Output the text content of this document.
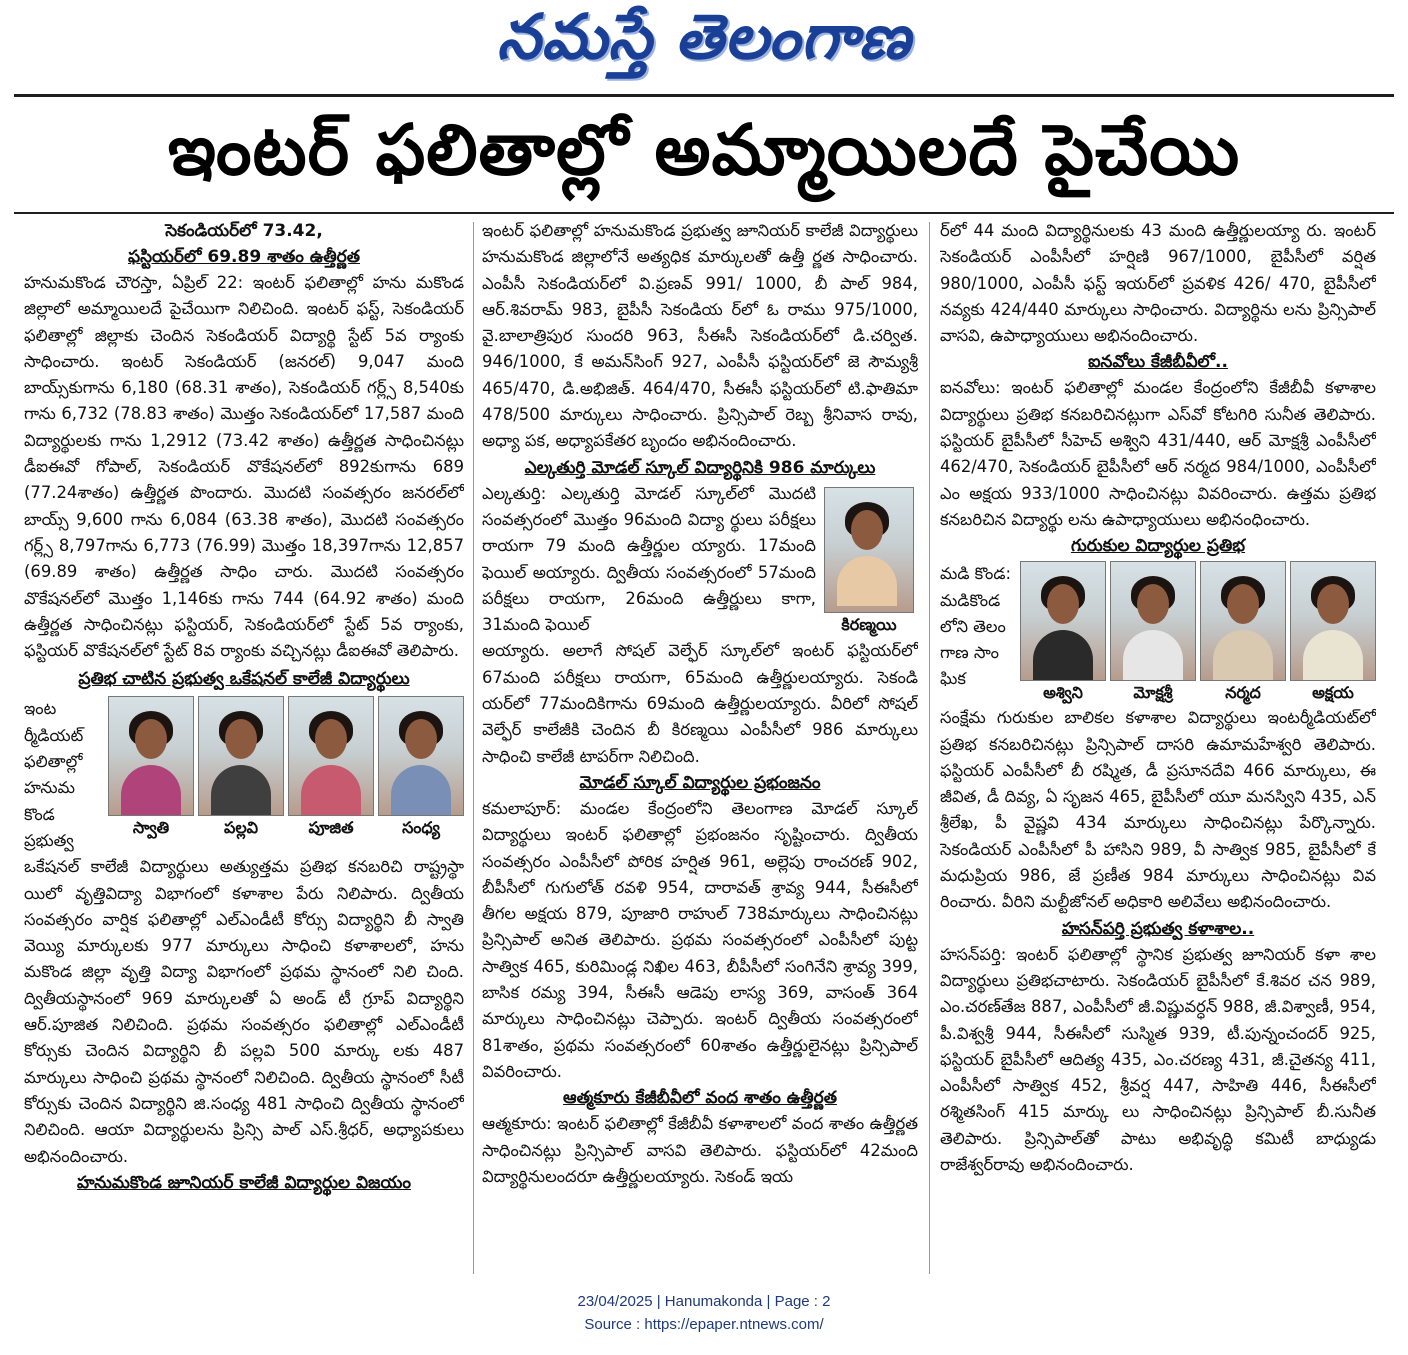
నమస్తే తెలంగాణ
ఇంటర్ ఫలితాల్లో అమ్మాయిలదే పైచేయి

సెకండియర్‌లో 73.42,

ఫస్టియర్‌లో 69.89 శాతం ఉత్తీర్ణత

హనుమకొండ చౌరస్తా, ఏప్రిల్ 22: ఇంటర్ ఫలితాల్లో హను మకొండ జిల్లాలో అమ్మాయిలదే పైచేయిగా నిలిచింది. ఇంటర్ ఫస్ట్, సెకండియర్ ఫలితాల్లో జిల్లాకు చెందిన సెకండియర్ విద్యార్థి స్టేట్ 5వ ర్యాంకు సాధించారు. ఇంటర్ సెకండియర్ (జనరల్) 9,047 మంది బాయ్స్‌కుగాను 6,180 (68.31 శాతం), సెకండియర్ గర్ల్స్ 8,540కు గాను 6,732 (78.83 శాతం) మొత్తం సెకండియర్‌లో 17,587 మంది విద్యార్థులకు గాను 1,2912 (73.42 శాతం) ఉత్తీర్ణత సాధించినట్లు డీఐఈవో గోపాల్, సెకండియర్ వొకేషనల్‌లో 892కుగాను 689 (77.24శాతం) ఉత్తీర్ణత పొందారు. మొదటి సంవత్సరం జనరల్‌లో బాయ్స్ 9,600 గాను 6,084 (63.38 శాతం), మొదటి సంవత్సరం గర్ల్స్ 8,797గాను 6,773 (76.99) మొత్తం 18,397గాను 12,857 (69.89 శాతం) ఉత్తీర్ణత సాధిం చారు. మొదటి సంవత్సరం వొకేషనల్‌లో మొత్తం 1,146కు గాను 744 (64.92 శాతం) మంది ఉత్తీర్ణత సాధించినట్లు ఫస్టియర్, సెకండియర్‌లో స్టేట్ 5వ ర్యాంకు, ఫస్టియర్ వొకేషనల్‌లో స్టేట్ 8వ ర్యాంకు వచ్చినట్లు డీఐఈవో తెలిపారు.

ప్రతిభ చాటిన ప్రభుత్వ ఒకేషనల్ కాలేజీ విద్యార్థులు

ఇంట ర్మీడియట్ ఫలితాల్లో హనుమ కొండ ప్రభుత్వ
స్వాతి	పల్లవి	పూజిత	సంధ్య

ఒకేషనల్ కాలేజీ విద్యార్థులు అత్యుత్తమ ప్రతిభ కనబరిచి రాష్ట్రస్థా యిలో వృత్తివిద్యా విభాగంలో కళాశాల పేరు నిలిపారు. ద్వితీయ సంవత్సరం వార్షిక ఫలితాల్లో ఎల్‌ఎండీటీ కోర్సు విద్యార్థిని బీ స్వాతి వెయ్యి మార్కులకు 977 మార్కులు సాధించి కళాశాలలో, హను మకొండ జిల్లా వృత్తి విద్యా విభాగంలో ప్రథమ స్థానంలో నిలి చింది. ద్వితీయస్థానంలో 969 మార్కులతో ఏ అండ్ టీ గ్రూప్ విద్యార్థిని ఆర్.పూజిత నిలిచింది. ప్రథమ సంవత్సరం ఫలితాల్లో ఎల్‌ఎండీటీ కోర్సుకు చెందిన విద్యార్థిని బీ పల్లవి 500 మార్కు లకు 487 మార్కులు సాధించి ప్రథమ స్థానంలో నిలిచింది. ద్వితీయ స్థానంలో సీటీ కోర్సుకు చెందిన విద్యార్థిని జి.సంధ్య 481 సాధించి ద్వితీయ స్థానంలో నిలిచింది. ఆయా విద్యార్థులను ప్రిన్సి పాల్ ఎస్.శ్రీధర్, అధ్యాపకులు అభినందించారు.

హనుమకొండ జూనియర్ కాలేజీ విద్యార్థుల విజయం

ఇంటర్ ఫలితాల్లో హనుమకొండ ప్రభుత్వ జూనియర్ కాలేజీ విద్యార్థులు హనుమకొండ జిల్లాలోనే అత్యధిక మార్కులతో ఉత్తీ ర్ణత సాధించారు. ఎంపీసీ సెకండియర్‌లో వి.ప్రణవ్ 991/ 1000, బీ పాల్ 984, ఆర్.శివరామ్ 983, బైపీసీ సెకండియ ర్‌లో ఓ రాము 975/1000, వై.బాలాత్రిపుర సుందరి 963, సీఈసీ సెకండియర్‌లో డి.చర్విత. 946/1000, కే అమన్‌సింగ్ 927, ఎంపీసీ ఫస్టియర్‌లో జె సౌమ్యశ్రీ 465/470, డి.అభిజిత్. 464/470, సీఈసీ ఫస్టియర్‌లో టి.ఫాతిమా 478/500 మార్కులు సాధించారు. ప్రిన్సిపాల్ రెబ్బ శ్రీనివాస రావు, అధ్యా పక, అధ్యాపకేతర బృందం అభినందించారు.

ఎల్కతుర్తి మోడల్ స్కూల్ విద్యార్థినికి 986 మార్కులు

ఎల్కతుర్తి: ఎల్కతుర్తి మోడల్ స్కూల్‌లో మొదటి సంవత్సరంలో మొత్తం 96మంది విద్యా ర్థులు పరీక్షలు రాయగా 79 మంది ఉత్తీర్ణుల య్యారు. 17మంది ఫెయిల్ అయ్యారు. ద్వితీయ సంవత్సరంలో 57మంది పరీక్షలు రాయగా, 26మంది ఉత్తీర్ణులు కాగా, 31మంది ఫెయిల్	కిరణ్మయి

అయ్యారు. అలాగే సోషల్ వెల్ఫేర్ స్కూల్‌లో ఇంటర్ ఫస్టియర్‌లో 67మంది పరీక్షలు రాయగా, 65మంది ఉత్తీర్ణులయ్యారు. సెకండి యర్‌లో 77మందికిగాను 69మంది ఉత్తీర్ణులయ్యారు. వీరిలో సోషల్ వెల్ఫేర్ కాలేజీకి చెందిన బీ కిరణ్మయి ఎంపీసీలో 986 మార్కులు సాధించి కాలేజీ టాపర్‌గా నిలిచింది.

మోడల్ స్కూల్ విద్యార్థుల ప్రభంజనం

కమలాపూర్: మండల కేంద్రంలోని తెలంగాణ మోడల్ స్కూల్ విద్యార్థులు ఇంటర్ ఫలితాల్లో ప్రభంజనం సృష్టించారు. ద్వితీయ సంవత్సరం ఎంపీసీలో పోరిక హర్షిత 961, అల్లెపు రాంచరణ్ 902, బీపీసీలో గుగులోత్ రవళి 954, దారావత్ శ్రావ్య 944, సీఈసీలో తీగల అక్షయ 879, పూజారి రాహుల్ 738మార్కులు సాధించినట్లు ప్రిన్సిపాల్ అనిత తెలిపారు. ప్రథమ సంవత్సరంలో ఎంపీసీలో పుట్ట సాత్విక 465, కురిమిండ్ల నిఖిల 463, బీపీసీలో సంగినేని శ్రావ్య 399, బాసిక రమ్య 394, సీఈసీ ఆడెపు లాస్య 369, వాసంత్ 364 మార్కులు సాధించినట్లు చెప్పారు. ఇంటర్ ద్వితీయ సంవత్సరంలో 81శాతం, ప్రథమ సంవత్సరంలో 60శాతం ఉత్తీర్ణులైనట్లు ప్రిన్సిపాల్ వివరించారు.

ఆత్మకూరు కేజీబీవీలో వంద శాతం ఉత్తీర్ణత

ఆత్మకూరు: ఇంటర్ ఫలితాల్లో కేజీబీవీ కళాశాలలో వంద శాతం ఉత్తీర్ణత సాధించినట్లు ప్రిన్సిపాల్ వాసవి తెలిపారు. ఫస్టియర్‌లో 42మంది విద్యార్థినులందరూ ఉత్తీర్ణులయ్యారు. సెకండ్ ఇయ

ర్‌లో 44 మంది విద్యార్థినులకు 43 మంది ఉత్తీర్ణులయ్యా రు. ఇంటర్ సెకండియర్ ఎంపీసీలో హర్షిణి 967/1000, బైపీసీలో వర్షిత 980/1000, ఎంపీసీ ఫస్ట్ ఇయర్‌లో ప్రవళిక 426/ 470, బైపీసీలో నవ్యకు 424/440 మార్కులు సాధించారు. విద్యార్థిను లను ప్రిన్సిపాల్ వాసవి, ఉపాధ్యాయులు అభినందించారు.

ఐనవోలు కేజీబీవీలో..

ఐనవోలు: ఇంటర్ ఫలితాల్లో మండల కేంద్రంలోని కేజీబీవీ కళాశాల విద్యార్థులు ప్రతిభ కనబరిచినట్లుగా ఎస్‌వో కోటగిరి సునీత తెలిపారు. ఫస్టియర్ బైపీసీలో సీహెచ్ అశ్విని 431/440, ఆర్ మోక్షశ్రీ ఎంపీసీలో 462/470, సెకండియర్ బైపీసీలో ఆర్ నర్మద 984/1000, ఎంపీసీలో ఎం అక్షయ 933/1000 సాధించినట్లు వివరించారు. ఉత్తమ ప్రతిభ కనబరిచిన విద్యార్థు లను ఉపాధ్యాయులు అభినంధించారు.

గురుకుల విద్యార్థుల ప్రతిభ

మడి కొండ: మడికొండ లోని తెలం గాణ సాం ఘిక
అశ్విని	మోక్షశ్రీ	నర్మద	అక్షయ

సంక్షేమ గురుకుల బాలికల కళాశాల విద్యార్థులు ఇంటర్మీడియట్‌లో ప్రతిభ కనబరిచినట్లు ప్రిన్సిపాల్ దాసరి ఉమామహేశ్వరి తెలిపారు. ఫస్టియర్ ఎంపీసీలో బీ రష్మిత, డీ ప్రసూనదేవి 466 మార్కులు, ఈ జీవిత, డీ దివ్య, ఏ సృజన 465, బైపీసీలో యూ మనస్విని 435, ఎన్ శ్రీలేఖ, పీ వైష్ణవి 434 మార్కులు సాధించినట్లు పేర్కొన్నారు. సెకండియర్ ఎంపీసీలో పీ హాసిని 989, వీ సాత్విక 985, బైపీసీలో కే మధుప్రియ 986, జే ప్రణీత 984 మార్కులు సాధించినట్లు వివ రించారు. వీరిని మల్టీజోనల్ అధికారి అలివేలు అభినందించారు.

హసన్‌పర్తి ప్రభుత్వ కళాశాల..

హసన్‌పర్తి: ఇంటర్ ఫలితాల్లో స్థానిక ప్రభుత్వ జూనియర్ కళా శాల విద్యార్థులు ప్రతిభచాటారు. సెకండియర్ బైపీసీలో కే.శివర చన 989, ఎం.చరణ్‌తేజ 887, ఎంపీసీలో జీ.విష్ణువర్ధన్ 988, జీ.విశ్వాణీ, 954, పీ.విశ్వశ్రీ 944, సీఈసీలో సుస్మిత 939, టీ.పున్నంచందర్ 925, ఫస్టియర్ బైపీసీలో ఆదిత్య 435, ఎం.చరణ్య 431, జీ.చైతన్య 411, ఎంపీసీలో సాత్విక 452, శ్రీవర్ష 447, సాహితి 446, సీఈసీలో రశ్మితసింగ్ 415 మార్కు లు సాధించినట్లు ప్రిన్సిపాల్ బీ.సునీత తెలిపారు. ప్రిన్సిపాల్‌తో పాటు అభివృద్ధి కమిటీ బాధ్యుడు రాజేశ్వర్‌రావు అభినందించారు.

23/04/2025 | Hanumakonda | Page : 2
Source : https://epaper.ntnews.com/
